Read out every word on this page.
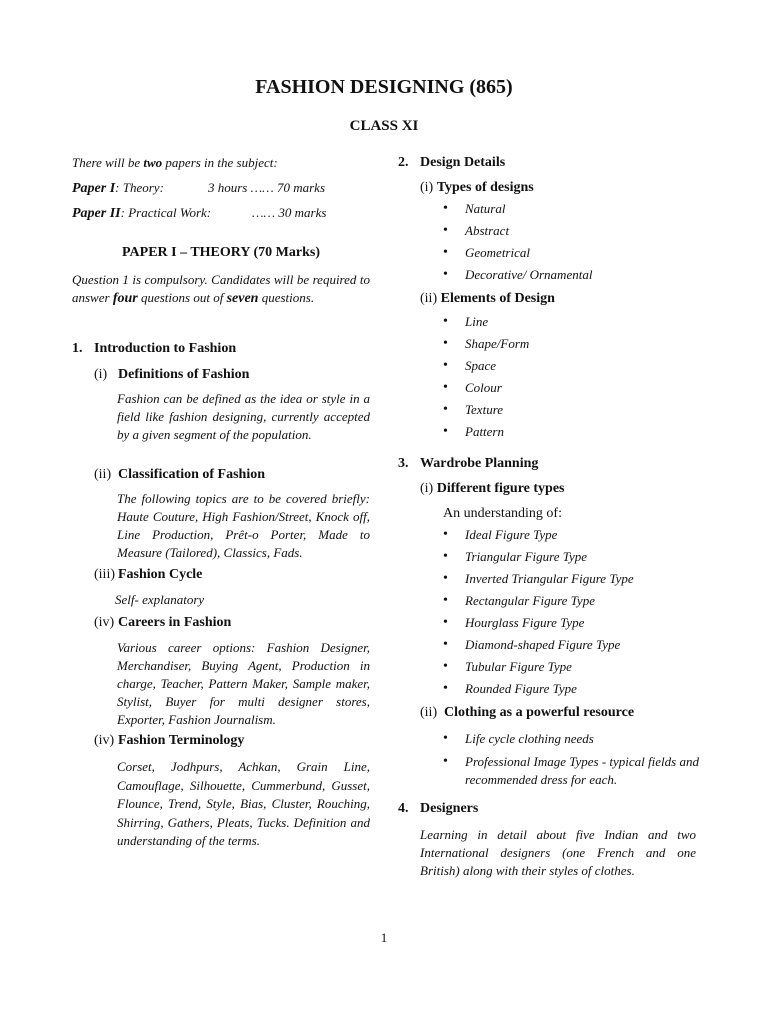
FASHION DESIGNING (865)
CLASS XI
There will be two papers in the subject:
Paper I: Theory:	3 hours …… 70 marks
Paper II: Practical Work:	…… 30 marks
PAPER I – THEORY (70 Marks)
Question 1 is compulsory. Candidates will be required to answer four questions out of seven questions.
1. Introduction to Fashion
(i) Definitions of Fashion
Fashion can be defined as the idea or style in a field like fashion designing, currently accepted by a given segment of the population.
(ii) Classification of Fashion
The following topics are to be covered briefly: Haute Couture, High Fashion/Street, Knock off, Line Production, Prêt-o Porter, Made to Measure (Tailored), Classics, Fads.
(iii) Fashion Cycle
Self- explanatory
(iv) Careers in Fashion
Various career options: Fashion Designer, Merchandiser, Buying Agent, Production in charge, Teacher, Pattern Maker, Sample maker, Stylist, Buyer for multi designer stores, Exporter, Fashion Journalism.
(iv) Fashion Terminology
Corset, Jodhpurs, Achkan, Grain Line, Camouflage, Silhouette, Cummerbund, Gusset, Flounce, Trend, Style, Bias, Cluster, Rouching, Shirring, Gathers, Pleats, Tucks. Definition and understanding of the terms.
2. Design Details
(i) Types of designs
• Natural
• Abstract
• Geometrical
• Decorative/ Ornamental
(ii) Elements of Design
• Line
• Shape/Form
• Space
• Colour
• Texture
• Pattern
3. Wardrobe Planning
(i) Different figure types
An understanding of:
• Ideal Figure Type
• Triangular Figure Type
• Inverted Triangular Figure Type
• Rectangular Figure Type
• Hourglass Figure Type
• Diamond-shaped Figure Type
• Tubular Figure Type
• Rounded Figure Type
(ii) Clothing as a powerful resource
• Life cycle clothing needs
• Professional Image Types - typical fields and recommended dress for each.
4. Designers
Learning in detail about five Indian and two International designers (one French and one British) along with their styles of clothes.
1
